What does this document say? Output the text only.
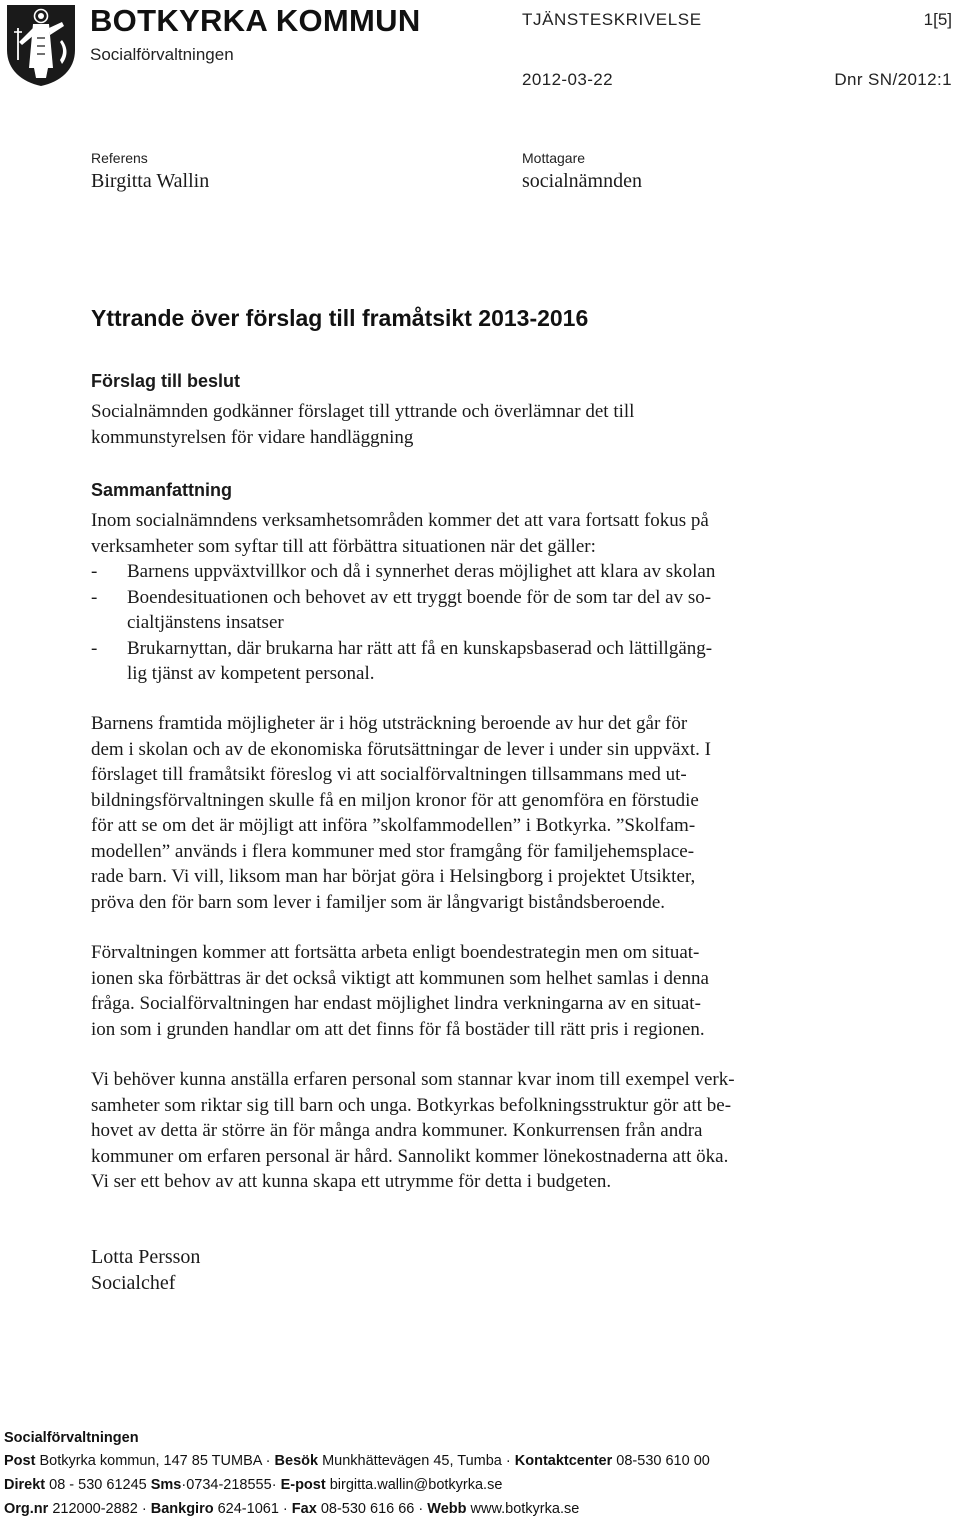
BOTKYRKA KOMMUN
Socialförvaltningen
TJÄNSTESKRIVELSE	1[5]
2012-03-22	Dnr SN/2012:1
Referens
Birgitta Wallin
Mottagare
socialnämnden
Yttrande över förslag till framåtsikt 2013-2016
Förslag till beslut
Socialnämnden godkänner förslaget till yttrande och överlämnar det till
kommunstyrelsen för vidare handläggning
Sammanfattning
Inom socialnämndens verksamhetsområden kommer det att vara fortsatt fokus på
verksamheter som syftar till att förbättra situationen när det gäller:
- Barnens uppväxtvillkor och då i synnerhet deras möjlighet att klara av skolan
- Boendesituationen och behovet av ett tryggt boende för de som tar del av so-
cialtjänstens insatser
- Brukarnyttan, där brukarna har rätt att få en kunskapsbaserad och lättillgäng-
lig tjänst av kompetent personal.
Barnens framtida möjligheter är i hög utsträckning beroende av hur det går för
dem i skolan och av de ekonomiska förutsättningar de lever i under sin uppväxt. I
förslaget till framåtsikt föreslog vi att socialförvaltningen tillsammans med ut-
bildningsförvaltningen skulle få en miljon kronor för att genomföra en förstudie
för att se om det är möjligt att införa ”skolfammodellen” i Botkyrka. ”Skolfam-
modellen” används i flera kommuner med stor framgång för familjehemsplace-
rade barn. Vi vill, liksom man har börjat göra i Helsingborg i projektet Utsikter,
pröva den för barn som lever i familjer som är långvarigt biståndsberoende.
Förvaltningen kommer att fortsätta arbeta enligt boendestrategin men om situat-
ionen ska förbättras är det också viktigt att kommunen som helhet samlas i denna
fråga. Socialförvaltningen har endast möjlighet lindra verkningarna av en situat-
ion som i grunden handlar om att det finns för få bostäder till rätt pris i regionen.
Vi behöver kunna anställa erfaren personal som stannar kvar inom till exempel verk-
samheter som riktar sig till barn och unga. Botkyrkas befolkningsstruktur gör att be-
hovet av detta är större än för många andra kommuner. Konkurrensen från andra
kommuner om erfaren personal är hård. Sannolikt kommer lönekostnaderna att öka.
Vi ser ett behov av att kunna skapa ett utrymme för detta i budgeten.
Lotta Persson
Socialchef
Socialförvaltningen
Post Botkyrka kommun, 147 85 TUMBA · Besök Munkhättevägen 45, Tumba · Kontaktcenter 08-530 610 00
Direkt 08 - 530 61245 Sms·0734-218555· E-post birgitta.wallin@botkyrka.se
Org.nr 212000-2882 · Bankgiro 624-1061 · Fax 08-530 616 66 · Webb www.botkyrka.se
